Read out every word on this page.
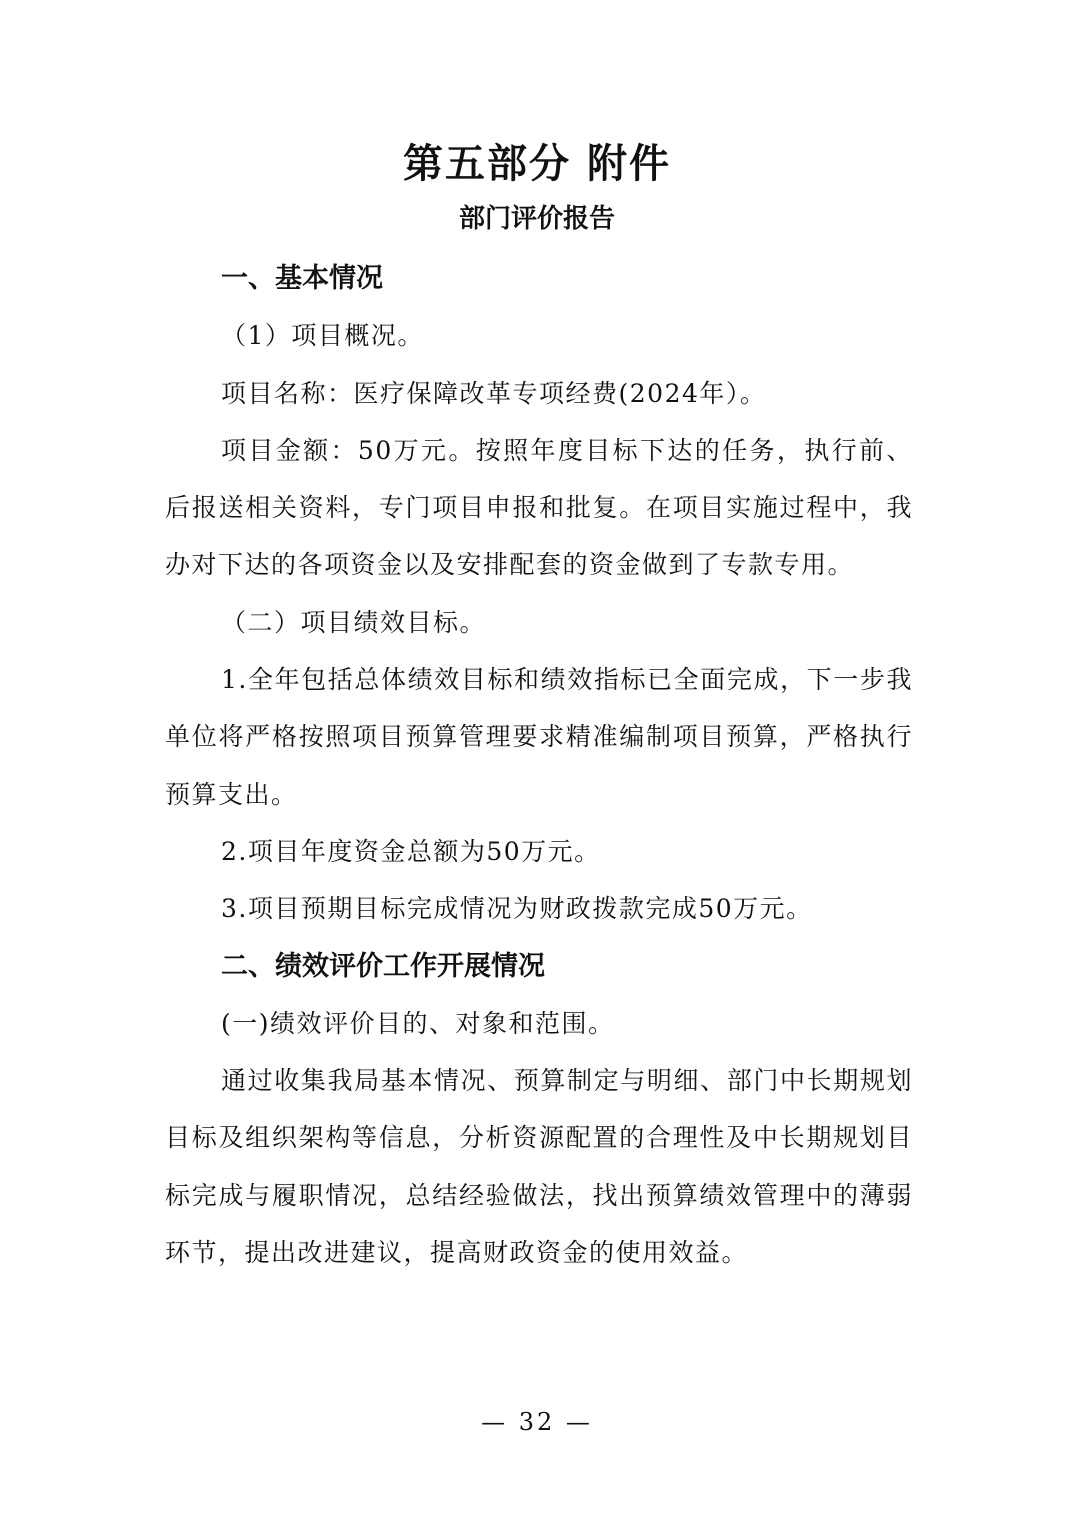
第五部分 附件
部门评价报告

一、基本情况

（1）项目概况。

项目名称：医疗保障改革专项经费(2024年）。

项目金额：50万元。按照年度目标下达的任务，执行前、后报送相关资料，专门项目申报和批复。在项目实施过程中，我办对下达的各项资金以及安排配套的资金做到了专款专用。

（二）项目绩效目标。

1.全年包括总体绩效目标和绩效指标已全面完成，下一步我单位将严格按照项目预算管理要求精准编制项目预算，严格执行预算支出。

2.项目年度资金总额为50万元。

3.项目预期目标完成情况为财政拨款完成50万元。

二、绩效评价工作开展情况

(一)绩效评价目的、对象和范围。

通过收集我局基本情况、预算制定与明细、部门中长期规划目标及组织架构等信息，分析资源配置的合理性及中长期规划目标完成与履职情况，总结经验做法，找出预算绩效管理中的薄弱环节，提出改进建议，提高财政资金的使用效益。

— 32 —
